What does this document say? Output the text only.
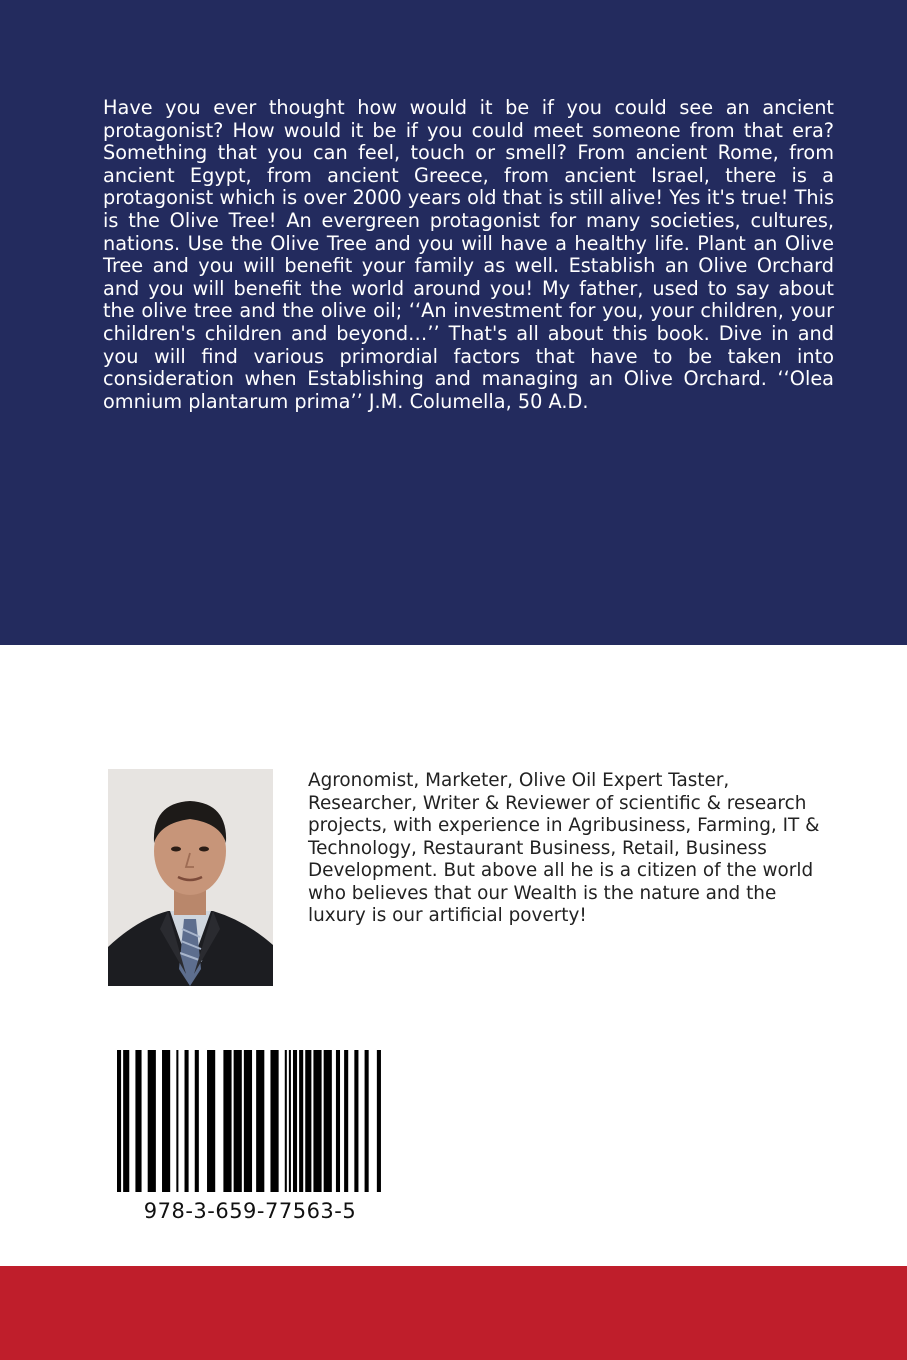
Have you ever thought how would it be if you could see an ancient protagonist? How would it be if you could meet someone from that era? Something that you can feel, touch or smell? From ancient Rome, from ancient Egypt, from ancient Greece, from ancient Israel, there is a protagonist which is over 2000 years old that is still alive! Yes it's true! This is the Olive Tree! An evergreen protagonist for many societies, cultures, nations. Use the Olive Tree and you will have a healthy life. Plant an Olive Tree and you will benefit your family as well. Establish an Olive Orchard and you will benefit the world around you! My father, used to say about the olive tree and the olive oil; ‘‘An investment for you, your children, your children's children and beyond…’’ That's all about this book. Dive in and you will find various primordial factors that have to be taken into consideration when Establishing and managing an Olive Orchard. ‘‘Olea omnium plantarum prima’’ J.M. Columella, 50 A.D.

Agronomist, Marketer, Olive Oil Expert Taster, Researcher, Writer & Reviewer of scientific & research projects, with experience in Agribusiness, Farming, IT & Technology, Restaurant Business, Retail, Business Development. But above all he is a citizen of the world who believes that our Wealth is the nature and the luxury is our artificial poverty!

978-3-659-77563-5
